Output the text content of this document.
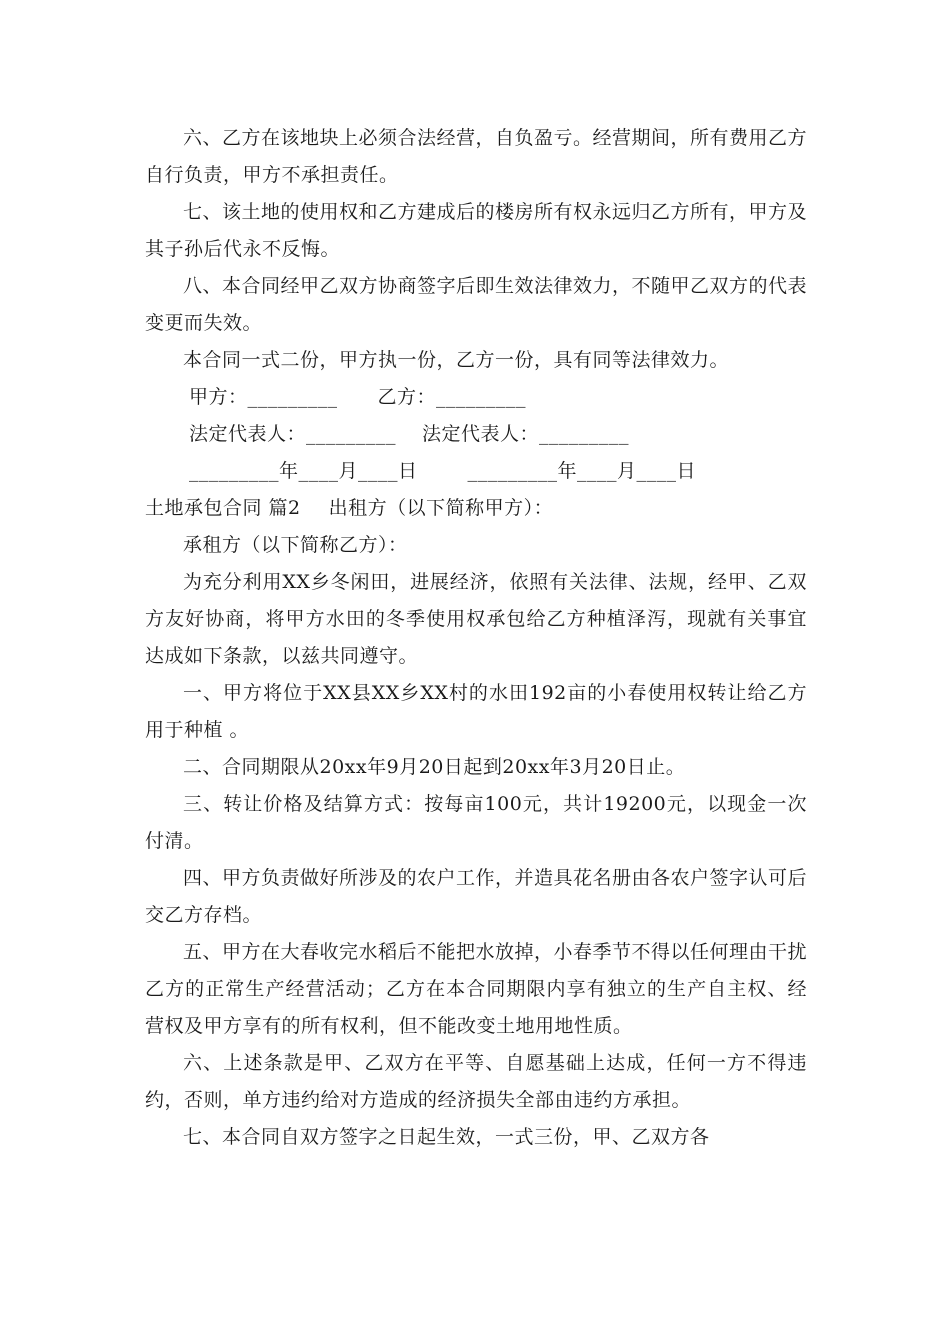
六、乙方在该地块上必须合法经营，自负盈亏。经营期间，所有费用乙方自行负责，甲方不承担责任。

七、该土地的使用权和乙方建成后的楼房所有权永远归乙方所有，甲方及其子孙后代永不反悔。

八、本合同经甲乙双方协商签字后即生效法律效力，不随甲乙双方的代表变更而失效。

本合同一式二份，甲方执一份，乙方一份，具有同等法律效力。

甲方：_________ 乙方：_________
法定代表人：_________ 法定代表人：_________
_________年____月____日	_________年____月____日
土地承包合同 篇2 出租方（以下简称甲方）：

承租方（以下简称乙方）：

为充分利用XX乡冬闲田，进展经济，依照有关法律、法规，经甲、乙双方友好协商，将甲方水田的冬季使用权承包给乙方种植泽泻，现就有关事宜达成如下条款，以兹共同遵守。

一、甲方将位于XX县XX乡XX村的水田192亩的小春使用权转让给乙方用于种植 。

二、合同期限从20xx年9月20日起到20xx年3月20日止。

三、转让价格及结算方式：按每亩100元，共计19200元，以现金一次付清。

四、甲方负责做好所涉及的农户工作，并造具花名册由各农户签字认可后交乙方存档。

五、甲方在大春收完水稻后不能把水放掉，小春季节不得以任何理由干扰乙方的正常生产经营活动；乙方在本合同期限内享有独立的生产自主权、经营权及甲方享有的所有权利，但不能改变土地用地性质。

六、上述条款是甲、乙双方在平等、自愿基础上达成，任何一方不得违约，否则，单方违约给对方造成的经济损失全部由违约方承担。

七、本合同自双方签字之日起生效，一式三份，甲、乙双方各
